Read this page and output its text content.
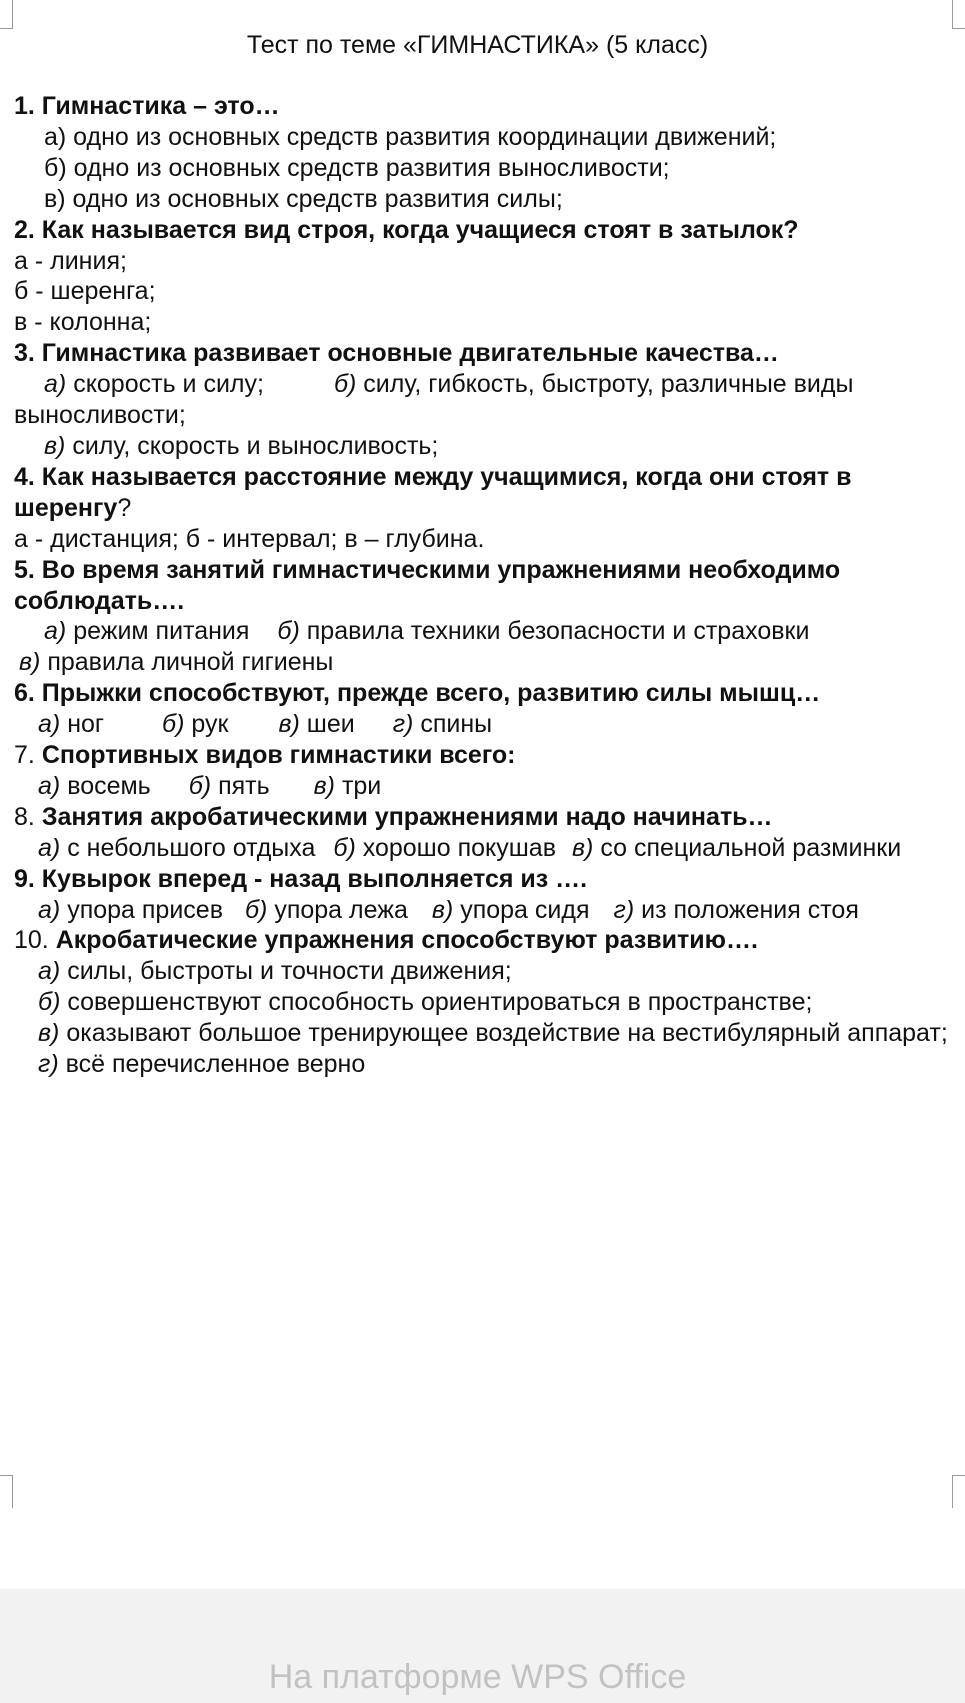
Тест по теме «ГИМНАСТИКА» (5 класс)
1. Гимнастика – это…
а) одно из основных средств развития координации движений;
б) одно из основных средств развития выносливости;
в) одно из основных средств развития силы;
2. Как называется вид строя, когда учащиеся стоят в затылок?
а - линия;
б - шеренга;
в - колонна;
3. Гимнастика развивает основные двигательные качества…
а) скорость и силу;	б) силу, гибкость, быстроту, различные виды выносливости;
в) силу, скорость и выносливость;
4. Как называется расстояние между учащимися, когда они стоят в шеренгу?
а - дистанция; б - интервал; в – глубина.
5. Во время занятий гимнастическими упражнениями необходимо соблюдать….
а) режим питания б) правила техники безопасности и страховки
в) правила личной гигиены
6. Прыжки способствуют, прежде всего, развитию силы мышц…
а) ног б) рук в) шеи г) спины
7. Спортивных видов гимнастики всего:
а) восемь б) пять в) три
8. Занятия акробатическими упражнениями надо начинать…
а) с небольшого отдыха б) хорошо покушав в) со специальной разминки
9. Кувырок вперед - назад выполняется из ….
а) упора присев б) упора лежа в) упора сидя г) из положения стоя
10. Акробатические упражнения способствуют развитию….
а) силы, быстроты и точности движения;
б) совершенствуют способность ориентироваться в пространстве;
в) оказывают большое тренирующее воздействие на вестибулярный аппарат;
г) всё перечисленное верно
На платформе WPS Office
